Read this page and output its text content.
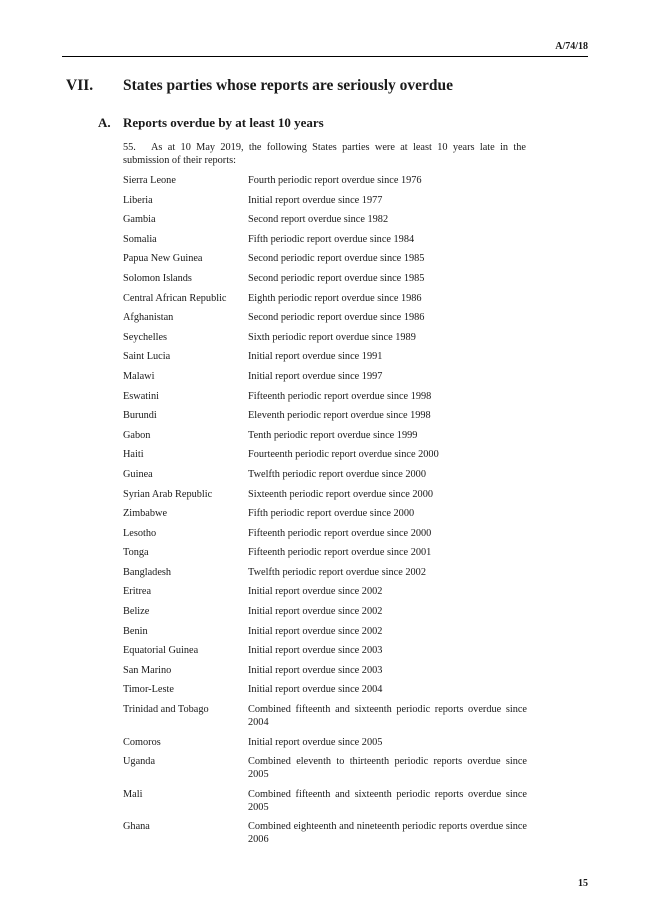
A/74/18
VII. States parties whose reports are seriously overdue
A. Reports overdue by at least 10 years
55. As at 10 May 2019, the following States parties were at least 10 years late in the submission of their reports:
Sierra Leone	Fourth periodic report overdue since 1976
Liberia	Initial report overdue since 1977
Gambia	Second report overdue since 1982
Somalia	Fifth periodic report overdue since 1984
Papua New Guinea	Second periodic report overdue since 1985
Solomon Islands	Second periodic report overdue since 1985
Central African Republic	Eighth periodic report overdue since 1986
Afghanistan	Second periodic report overdue since 1986
Seychelles	Sixth periodic report overdue since 1989
Saint Lucia	Initial report overdue since 1991
Malawi	Initial report overdue since 1997
Eswatini	Fifteenth periodic report overdue since 1998
Burundi	Eleventh periodic report overdue since 1998
Gabon	Tenth periodic report overdue since 1999
Haiti	Fourteenth periodic report overdue since 2000
Guinea	Twelfth periodic report overdue since 2000
Syrian Arab Republic	Sixteenth periodic report overdue since 2000
Zimbabwe	Fifth periodic report overdue since 2000
Lesotho	Fifteenth periodic report overdue since 2000
Tonga	Fifteenth periodic report overdue since 2001
Bangladesh	Twelfth periodic report overdue since 2002
Eritrea	Initial report overdue since 2002
Belize	Initial report overdue since 2002
Benin	Initial report overdue since 2002
Equatorial Guinea	Initial report overdue since 2003
San Marino	Initial report overdue since 2003
Timor-Leste	Initial report overdue since 2004
Trinidad and Tobago	Combined fifteenth and sixteenth periodic reports overdue since 2004
Comoros	Initial report overdue since 2005
Uganda	Combined eleventh to thirteenth periodic reports overdue since 2005
Mali	Combined fifteenth and sixteenth periodic reports overdue since 2005
Ghana	Combined eighteenth and nineteenth periodic reports overdue since 2006
15
